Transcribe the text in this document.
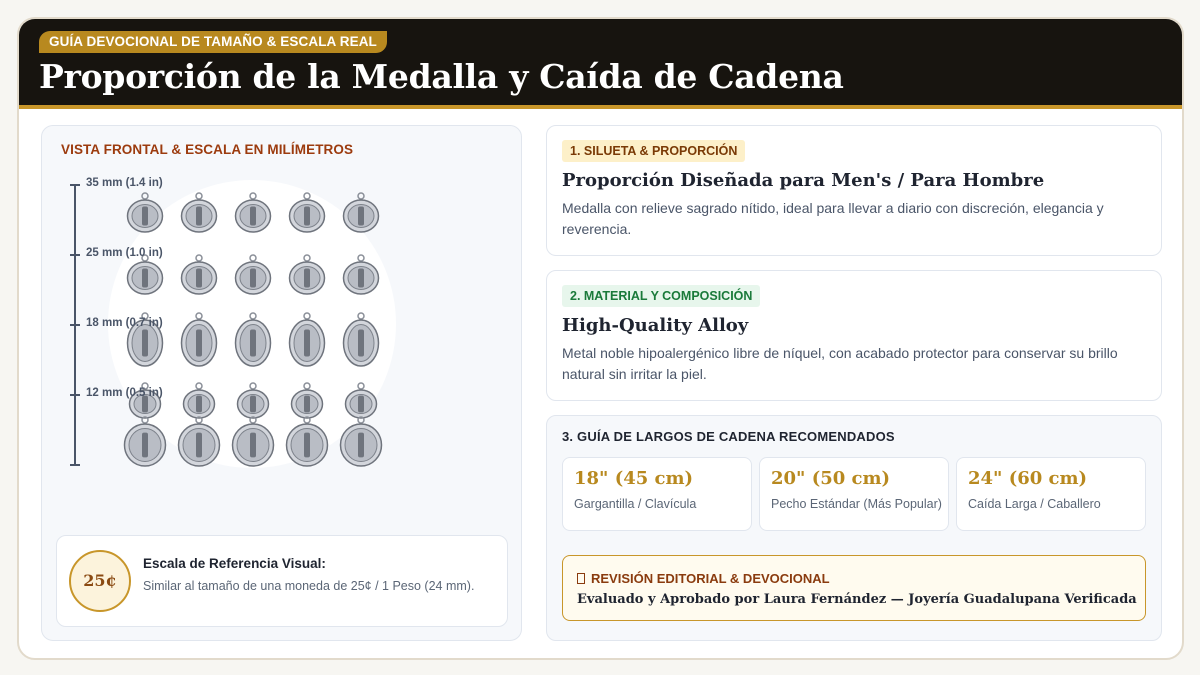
GUÍA DEVOCIONAL DE TAMAÑO & ESCALA REAL
Proporción de la Medalla y Caída de Cadena
VISTA FRONTAL & ESCALA EN MILÍMETROS
35 mm (1.4 in)
25 mm (1.0 in)
18 mm (0.7 in)
12 mm (0.5 in)
25¢
Escala de Referencia Visual:
Similar al tamaño de una moneda de 25¢ / 1 Peso (24 mm).
1. SILUETA & PROPORCIÓN
Proporción Diseñada para Men's / Para Hombre
Medalla con relieve sagrado nítido, ideal para llevar a diario con discreción, elegancia y reverencia.
2. MATERIAL Y COMPOSICIÓN
High-Quality Alloy
Metal noble hipoalergénico libre de níquel, con acabado protector para conservar su brillo natural sin irritar la piel.
3. GUÍA DE LARGOS DE CADENA RECOMENDADOS
18" (45 cm)
Gargantilla / Clavícula
20" (50 cm)
Pecho Estándar (Más Popular)
24" (60 cm)
Caída Larga / Caballero
REVISIÓN EDITORIAL & DEVOCIONAL
Evaluado y Aprobado por Laura Fernández — Joyería Guadalupana Verificada
